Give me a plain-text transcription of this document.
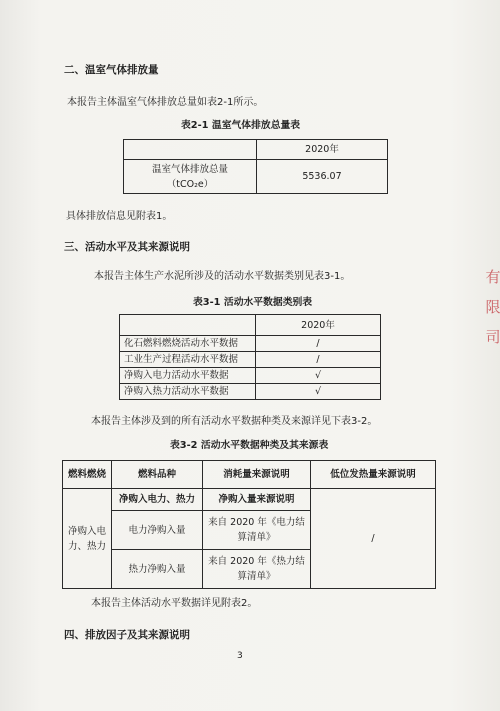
二、温室气体排放量
本报告主体温室气体排放总量如表2-1所示。
表2-1 温室气体排放总量表
	2020年

温室气体排放总量
（tCO₂e）	5536.07
具体排放信息见附表1。
三、活动水平及其来源说明
本报告主体生产水泥所涉及的活动水平数据类别见表3-1。
表3-1 活动水平数据类别表
	2020年
化石燃料燃烧活动水平数据	/
工业生产过程活动水平数据	/
净购入电力活动水平数据	√
净购入热力活动水平数据	√
本报告主体涉及到的所有活动水平数据种类及来源详见下表3-2。
表3-2 活动水平数据种类及其来源表
燃料燃烧	燃料品种	消耗量来源说明	低位发热量来源说明

净购入电
力、热力	净购入电力、热力	净购入量来源说明	/
	电力净购入量	来自 2020 年《电力结
算清单》	

	热力净购入量	来自 2020 年《热力结
算清单》	
本报告主体活动水平数据详见附表2。
四、排放因子及其来源说明
3
有
限
司
